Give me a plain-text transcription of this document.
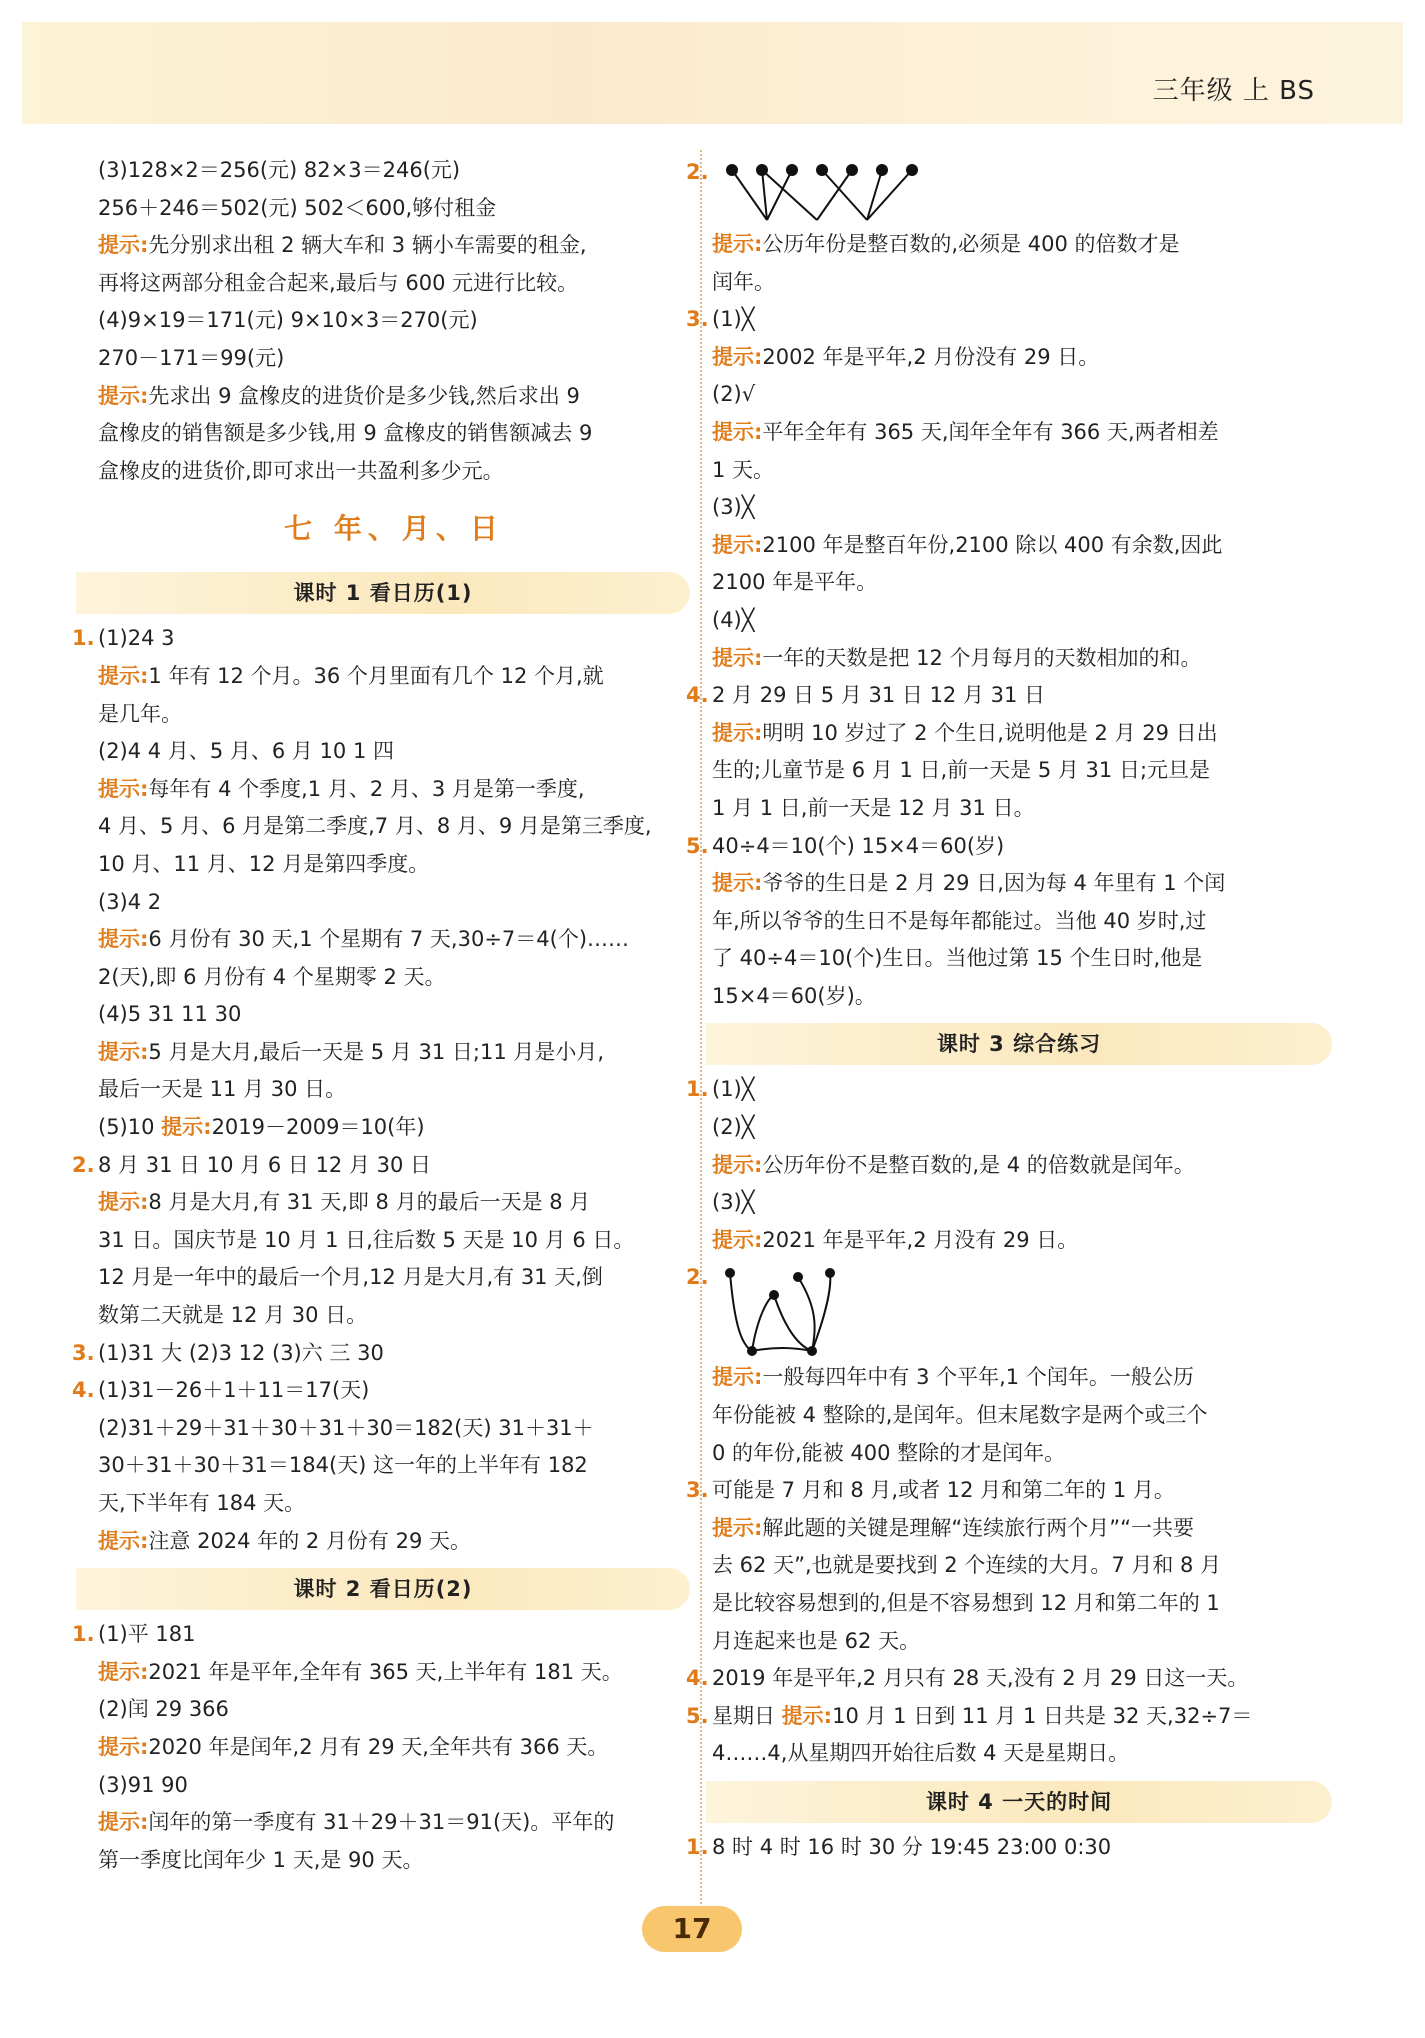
三年级 上 BS
(3)128×2＝256(元) 82×3＝246(元)
256＋246＝502(元) 502＜600,够付租金
提示:先分别求出租 2 辆大车和 3 辆小车需要的租金,
再将这两部分租金合起来,最后与 600 元进行比较。
(4)9×19＝171(元) 9×10×3＝270(元)
270－171＝99(元)
提示:先求出 9 盒橡皮的进货价是多少钱,然后求出 9
盒橡皮的销售额是多少钱,用 9 盒橡皮的销售额减去 9
盒橡皮的进货价,即可求出一共盈利多少元。
七 年、月、日
课时 1 看日历(1)
1. (1)24 3
提示:1 年有 12 个月。36 个月里面有几个 12 个月,就
是几年。
(2)4 4 月、5 月、6 月 10 1 四
提示:每年有 4 个季度,1 月、2 月、3 月是第一季度,
4 月、5 月、6 月是第二季度,7 月、8 月、9 月是第三季度,
10 月、11 月、12 月是第四季度。
(3)4 2
提示:6 月份有 30 天,1 个星期有 7 天,30÷7＝4(个)……
2(天),即 6 月份有 4 个星期零 2 天。
(4)5 31 11 30
提示:5 月是大月,最后一天是 5 月 31 日;11 月是小月,
最后一天是 11 月 30 日。
(5)10 提示:2019－2009＝10(年)
2. 8 月 31 日 10 月 6 日 12 月 30 日
提示:8 月是大月,有 31 天,即 8 月的最后一天是 8 月
31 日。国庆节是 10 月 1 日,往后数 5 天是 10 月 6 日。
12 月是一年中的最后一个月,12 月是大月,有 31 天,倒
数第二天就是 12 月 30 日。
3. (1)31 大 (2)3 12 (3)六 三 30
4. (1)31－26＋1＋11＝17(天)
(2)31＋29＋31＋30＋31＋30＝182(天) 31＋31＋
30＋31＋30＋31＝184(天) 这一年的上半年有 182
天,下半年有 184 天。
提示:注意 2024 年的 2 月份有 29 天。
课时 2 看日历(2)
1. (1)平 181
提示:2021 年是平年,全年有 365 天,上半年有 181 天。
(2)闰 29 366
提示:2020 年是闰年,2 月有 29 天,全年共有 366 天。
(3)91 90
提示:闰年的第一季度有 31＋29＋31＝91(天)。平年的
第一季度比闰年少 1 天,是 90 天。
2.
提示:公历年份是整百数的,必须是 400 的倍数才是
闰年。
3. (1)╳
提示:2002 年是平年,2 月份没有 29 日。
(2)√
提示:平年全年有 365 天,闰年全年有 366 天,两者相差
1 天。
(3)╳
提示:2100 年是整百年份,2100 除以 400 有余数,因此
2100 年是平年。
(4)╳
提示:一年的天数是把 12 个月每月的天数相加的和。
4. 2 月 29 日 5 月 31 日 12 月 31 日
提示:明明 10 岁过了 2 个生日,说明他是 2 月 29 日出
生的;儿童节是 6 月 1 日,前一天是 5 月 31 日;元旦是
1 月 1 日,前一天是 12 月 31 日。
5. 40÷4＝10(个) 15×4＝60(岁)
提示:爷爷的生日是 2 月 29 日,因为每 4 年里有 1 个闰
年,所以爷爷的生日不是每年都能过。当他 40 岁时,过
了 40÷4＝10(个)生日。当他过第 15 个生日时,他是
15×4＝60(岁)。
课时 3 综合练习
1. (1)╳
(2)╳
提示:公历年份不是整百数的,是 4 的倍数就是闰年。
(3)╳
提示:2021 年是平年,2 月没有 29 日。
2.
提示:一般每四年中有 3 个平年,1 个闰年。一般公历
年份能被 4 整除的,是闰年。但末尾数字是两个或三个
0 的年份,能被 400 整除的才是闰年。
3. 可能是 7 月和 8 月,或者 12 月和第二年的 1 月。
提示:解此题的关键是理解“连续旅行两个月”“一共要
去 62 天”,也就是要找到 2 个连续的大月。7 月和 8 月
是比较容易想到的,但是不容易想到 12 月和第二年的 1
月连起来也是 62 天。
4. 2019 年是平年,2 月只有 28 天,没有 2 月 29 日这一天。
5. 星期日 提示:10 月 1 日到 11 月 1 日共是 32 天,32÷7＝
4……4,从星期四开始往后数 4 天是星期日。
课时 4 一天的时间
1. 8 时 4 时 16 时 30 分 19:45 23:00 0:30
17
